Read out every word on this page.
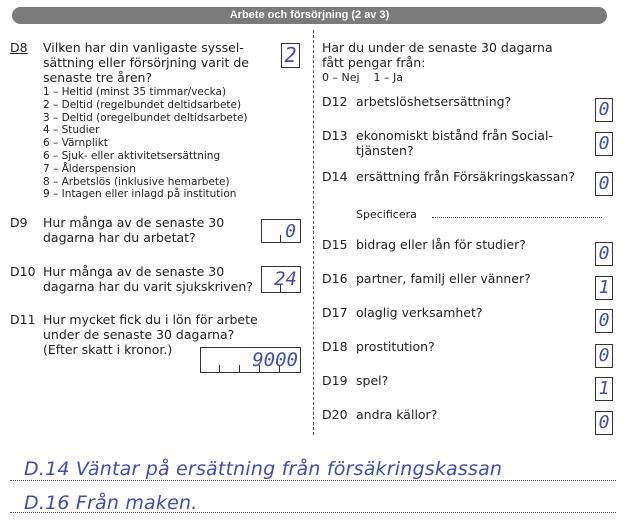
Arbete och försörjning (2 av 3)
D8 Vilken har din vanligaste syssel-
sättning eller försörjning varit de
senaste tre åren?
2
1 – Heltid (minst 35 timmar/vecka)
2 – Deltid (regelbundet deltidsarbete)
3 – Deltid (oregelbundet deltidsarbete)
4 – Studier
6 – Värnplikt
6 – Sjuk- eller aktivitetsersättning
7 – Ålderspension
8 – Arbetslös (inklusive hemarbete)
9 – Intagen eller inlagd på institution
D9 Hur många av de senaste 30
dagarna har du arbetat?	0
D10 Hur många av de senaste 30
dagarna har du varit sjukskriven?	24
D11 Hur mycket fick du i lön för arbete
under de senaste 30 dagarna?
(Efter skatt i kronor.)	9000
Har du under de senaste 30 dagarna
fått pengar från:
0 – Nej    1 – Ja
D12 arbetslöshetsersättning?	0
D13 ekonomiskt bistånd från Social-
tjänsten?	0
D14 ersättning från Försäkringskassan? 0
Specificera
D15 bidrag eller lån för studier?	0
D16 partner, familj eller vänner?	1
D17 olaglig verksamhet?	0
D18 prostitution?	0
D19 spel?	1
D20 andra källor?	0
D.14 Väntar på ersättning från försäkringskassan
D.16 Från maken.
